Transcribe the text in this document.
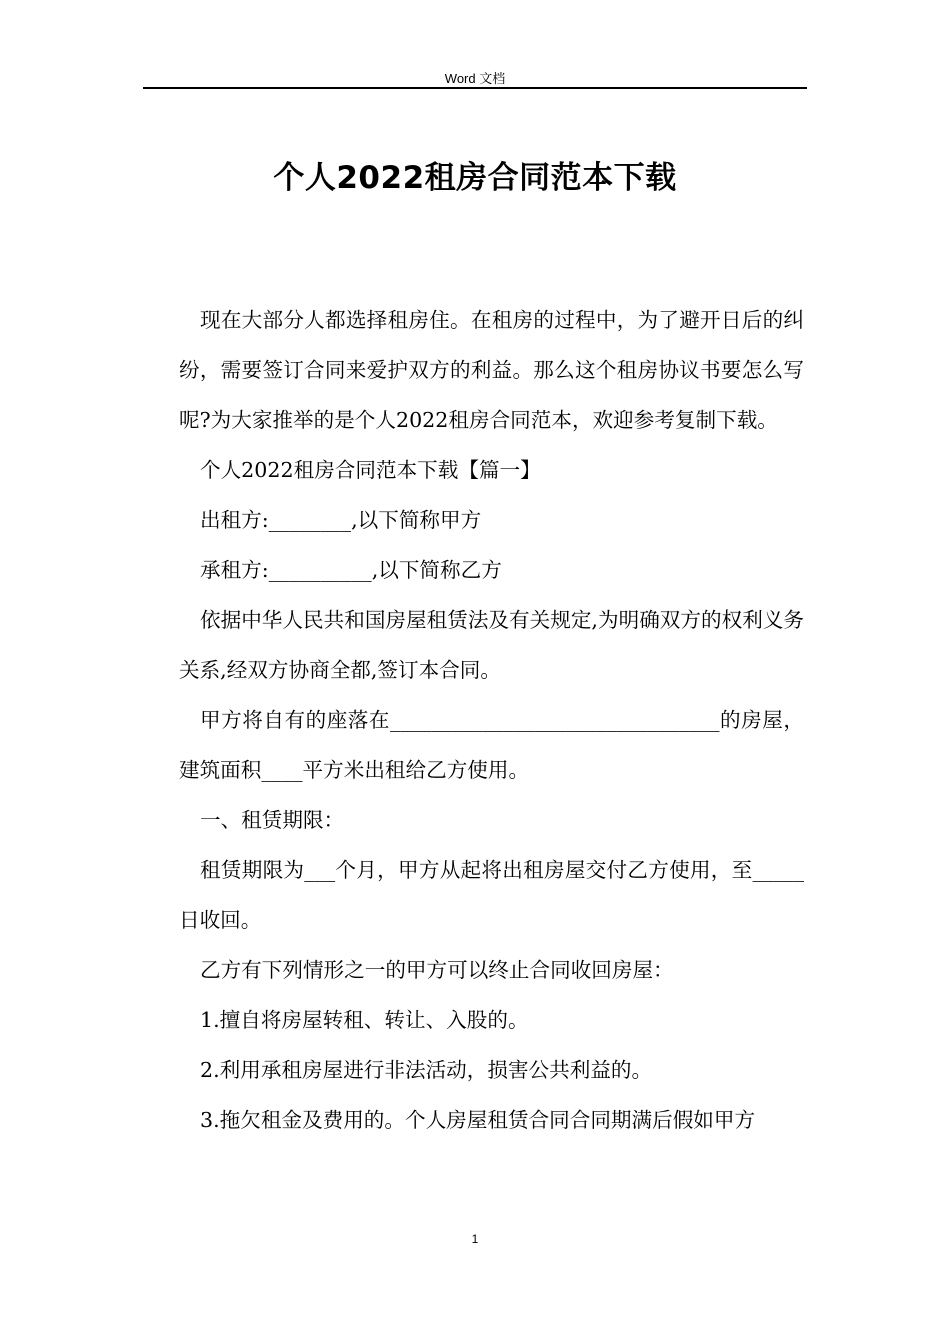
Word 文档
个人2022租房合同范本下载

现在大部分人都选择租房住。在租房的过程中，为了避开日后的纠纷，需要签订合同来爱护双方的利益。那么这个租房协议书要怎么写呢?为大家推举的是个人2022租房合同范本，欢迎参考复制下载。

个人2022租房合同范本下载【篇一】

出租方:________,以下简称甲方

承租方:__________,以下简称乙方

依据中华人民共和国房屋租赁法及有关规定,为明确双方的权利义务关系,经双方协商全都,签订本合同。

甲方将自有的座落在________________________________的房屋，建筑面积____平方米出租给乙方使用。

一、租赁期限：

租赁期限为___个月，甲方从起将出租房屋交付乙方使用，至_____日收回。

乙方有下列情形之一的甲方可以终止合同收回房屋：

1.擅自将房屋转租、转让、入股的。

2.利用承租房屋进行非法活动，损害公共利益的。

3.拖欠租金及费用的。个人房屋租赁合同合同期满后假如甲方

1
